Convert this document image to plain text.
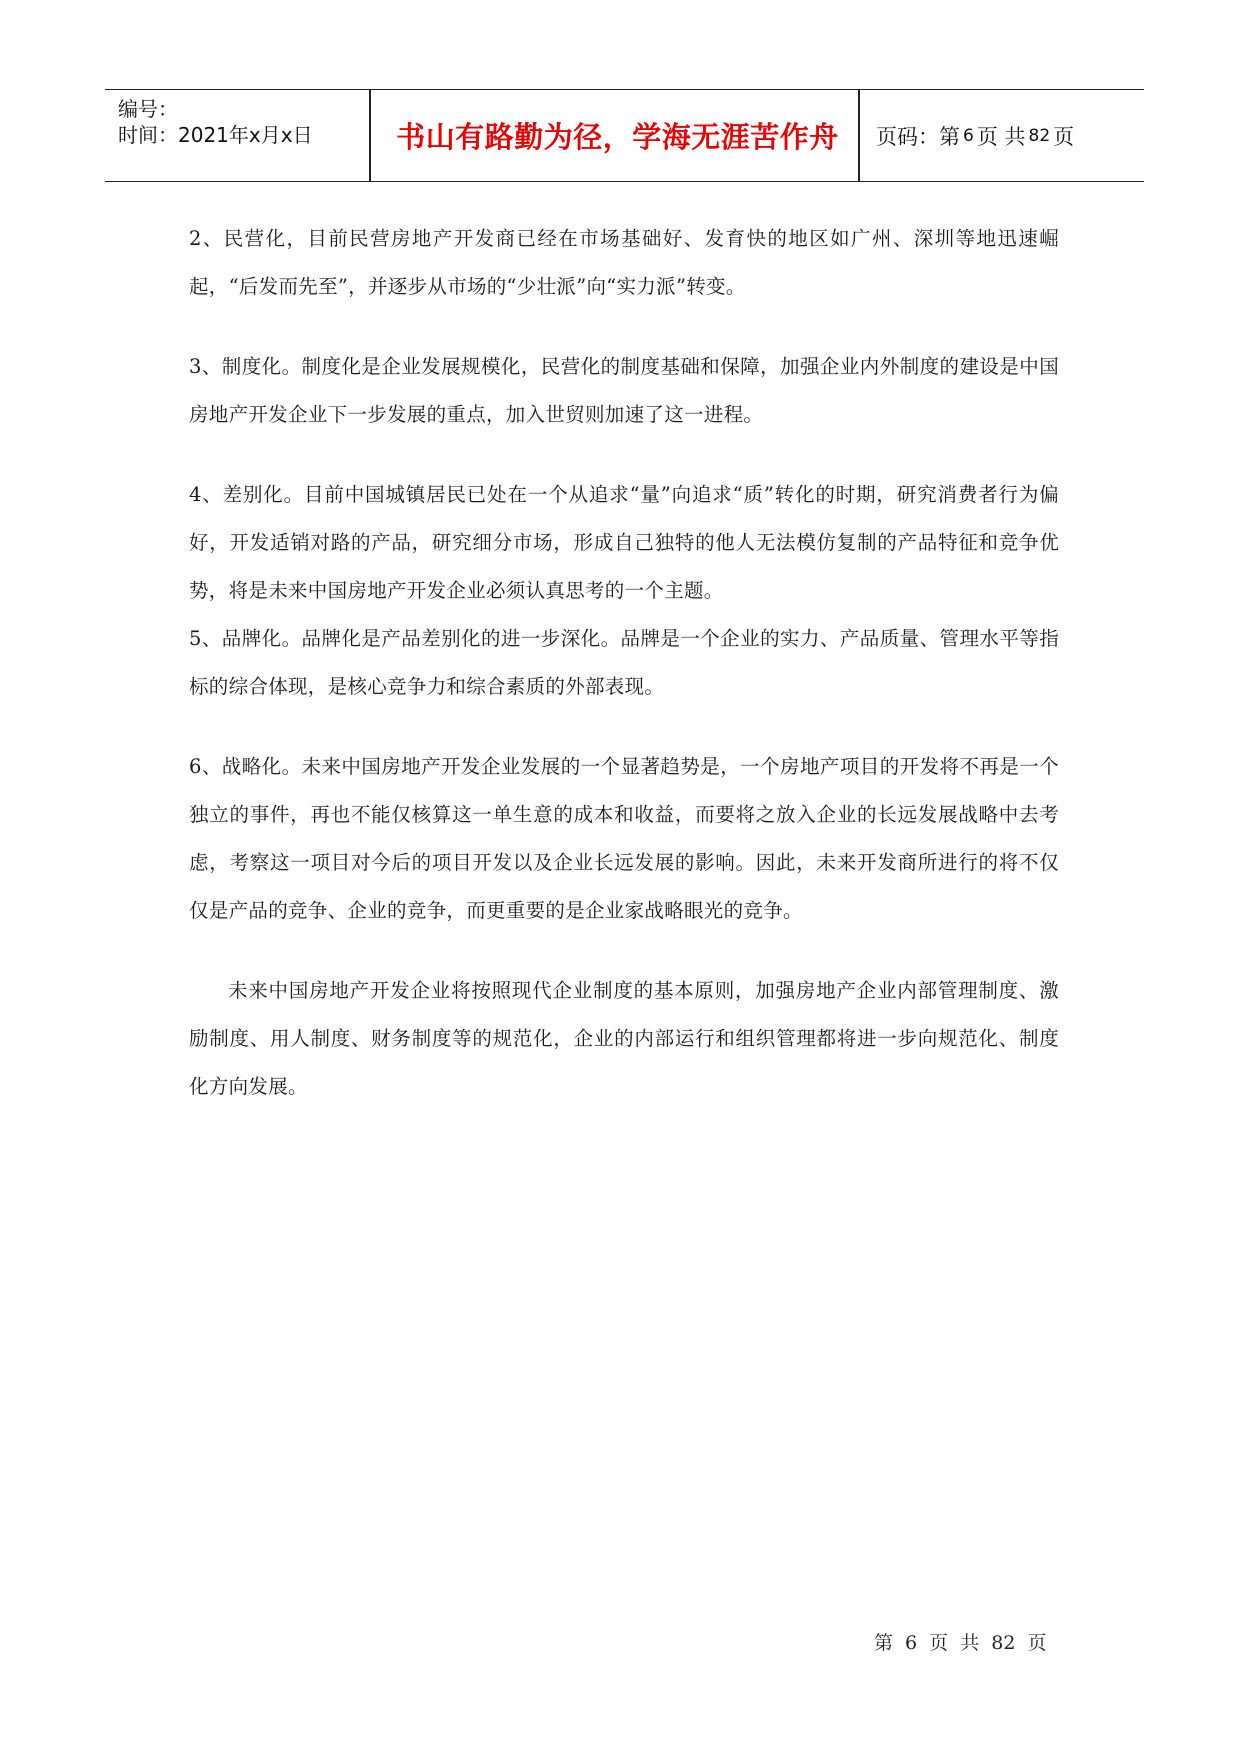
编号：
时间：2021年x月x日	书山有路勤为径，学海无涯苦作舟	页码：第 6 页 共 82 页

2、民营化，目前民营房地产开发商已经在市场基础好、发育快的地区如广州、深圳等地迅速崛起，“后发而先至”，并逐步从市场的“少壮派”向“实力派”转变。

3、制度化。制度化是企业发展规模化，民营化的制度基础和保障，加强企业内外制度的建设是中国房地产开发企业下一步发展的重点，加入世贸则加速了这一进程。

4、差别化。目前中国城镇居民已处在一个从追求“量”向追求“质”转化的时期，研究消费者行为偏好，开发适销对路的产品，研究细分市场，形成自己独特的他人无法模仿复制的产品特征和竞争优势，将是未来中国房地产开发企业必须认真思考的一个主题。

5、品牌化。品牌化是产品差别化的进一步深化。品牌是一个企业的实力、产品质量、管理水平等指标的综合体现，是核心竞争力和综合素质的外部表现。

6、战略化。未来中国房地产开发企业发展的一个显著趋势是，一个房地产项目的开发将不再是一个独立的事件，再也不能仅核算这一单生意的成本和收益，而要将之放入企业的长远发展战略中去考虑，考察这一项目对今后的项目开发以及企业长远发展的影响。因此，未来开发商所进行的将不仅仅是产品的竞争、企业的竞争，而更重要的是企业家战略眼光的竞争。

未来中国房地产开发企业将按照现代企业制度的基本原则，加强房地产企业内部管理制度、激励制度、用人制度、财务制度等的规范化，企业的内部运行和组织管理都将进一步向规范化、制度化方向发展。

第 6 页 共 82 页
